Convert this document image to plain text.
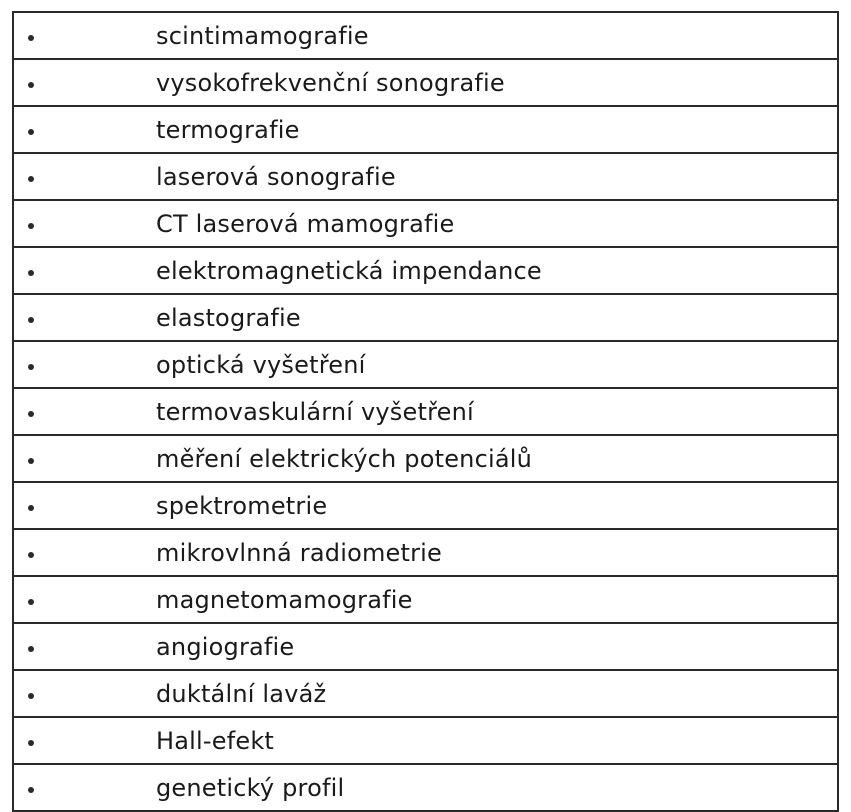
	scintimamografie
	vysokofrekvenční sonografie
	termografie
	laserová sonografie
	CT laserová mamografie
	elektromagnetická impendance
	elastografie
	optická vyšetření
	termovaskulární vyšetření
	měření elektrických potenciálů
	spektrometrie
	mikrovlnná radiometrie
	magnetomamografie
	angiografie
	duktální laváž
	Hall-efekt
	genetický profil
